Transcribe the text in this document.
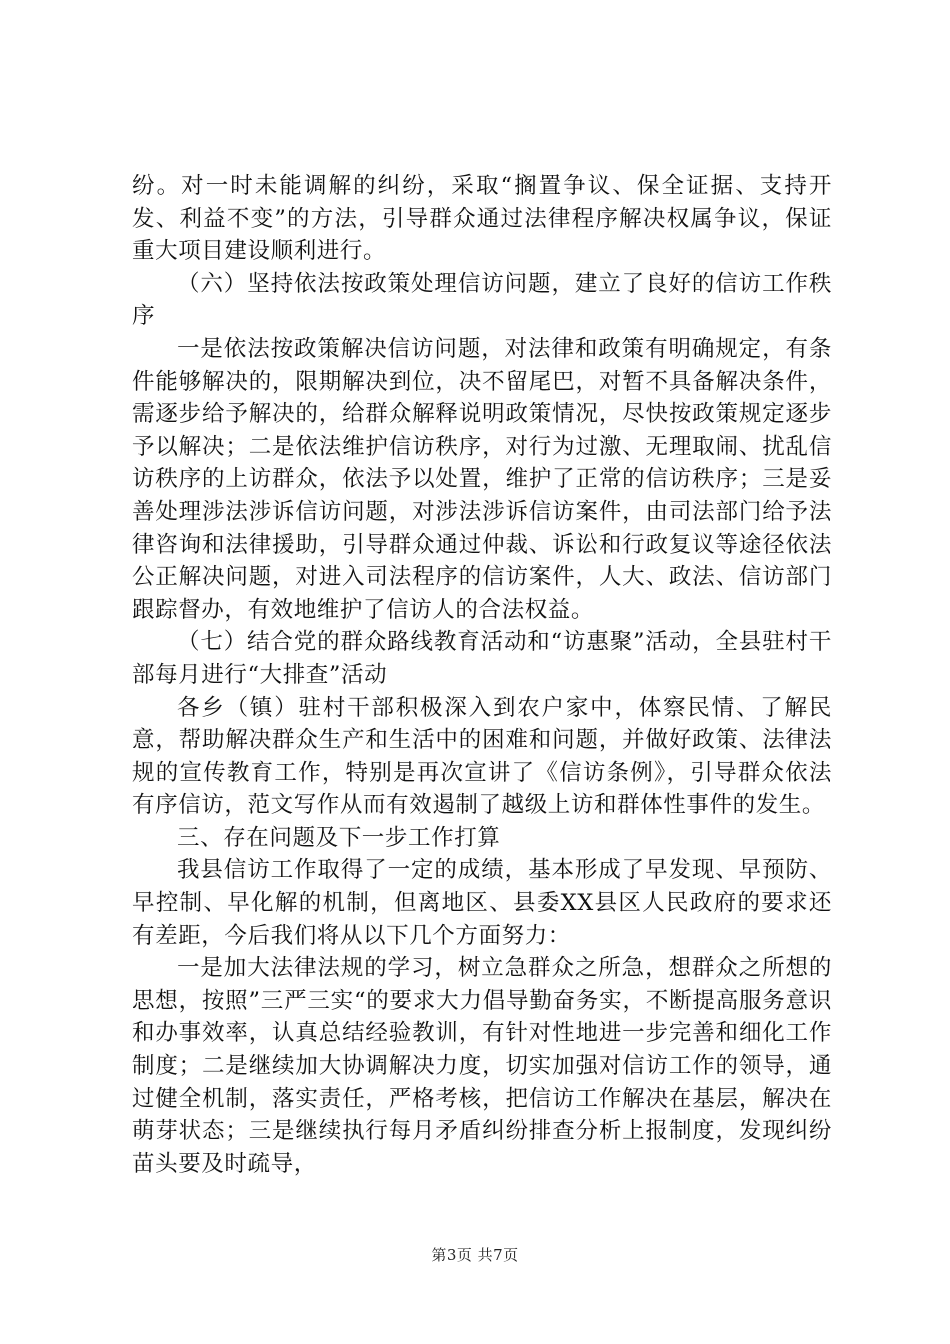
纷。对一时未能调解的纠纷，采取“搁置争议、保全证据、支持开发、利益不变”的方法，引导群众通过法律程序解决权属争议，保证重大项目建设顺利进行。

（六）坚持依法按政策处理信访问题，建立了良好的信访工作秩序

一是依法按政策解决信访问题，对法律和政策有明确规定，有条件能够解决的，限期解决到位，决不留尾巴，对暂不具备解决条件，需逐步给予解决的，给群众解释说明政策情况，尽快按政策规定逐步予以解决；二是依法维护信访秩序，对行为过激、无理取闹、扰乱信访秩序的上访群众，依法予以处置，维护了正常的信访秩序；三是妥善处理涉法涉诉信访问题，对涉法涉诉信访案件，由司法部门给予法律咨询和法律援助，引导群众通过仲裁、诉讼和行政复议等途径依法公正解决问题，对进入司法程序的信访案件，人大、政法、信访部门跟踪督办，有效地维护了信访人的合法权益。

（七）结合党的群众路线教育活动和“访惠聚”活动，全县驻村干部每月进行“大排查”活动

各乡（镇）驻村干部积极深入到农户家中，体察民情、了解民意，帮助解决群众生产和生活中的困难和问题，并做好政策、法律法规的宣传教育工作，特别是再次宣讲了《信访条例》，引导群众依法有序信访，范文写作从而有效遏制了越级上访和群体性事件的发生。

三、存在问题及下一步工作打算

我县信访工作取得了一定的成绩，基本形成了早发现、早预防、早控制、早化解的机制，但离地区、县委XX县区人民政府的要求还有差距，今后我们将从以下几个方面努力：

一是加大法律法规的学习，树立急群众之所急，想群众之所想的思想，按照”三严三实“的要求大力倡导勤奋务实，不断提高服务意识和办事效率，认真总结经验教训，有针对性地进一步完善和细化工作制度；二是继续加大协调解决力度，切实加强对信访工作的领导，通过健全机制，落实责任，严格考核，把信访工作解决在基层，解决在萌芽状态；三是继续执行每月矛盾纠纷排查分析上报制度，发现纠纷苗头要及时疏导，

第3页 共7页
